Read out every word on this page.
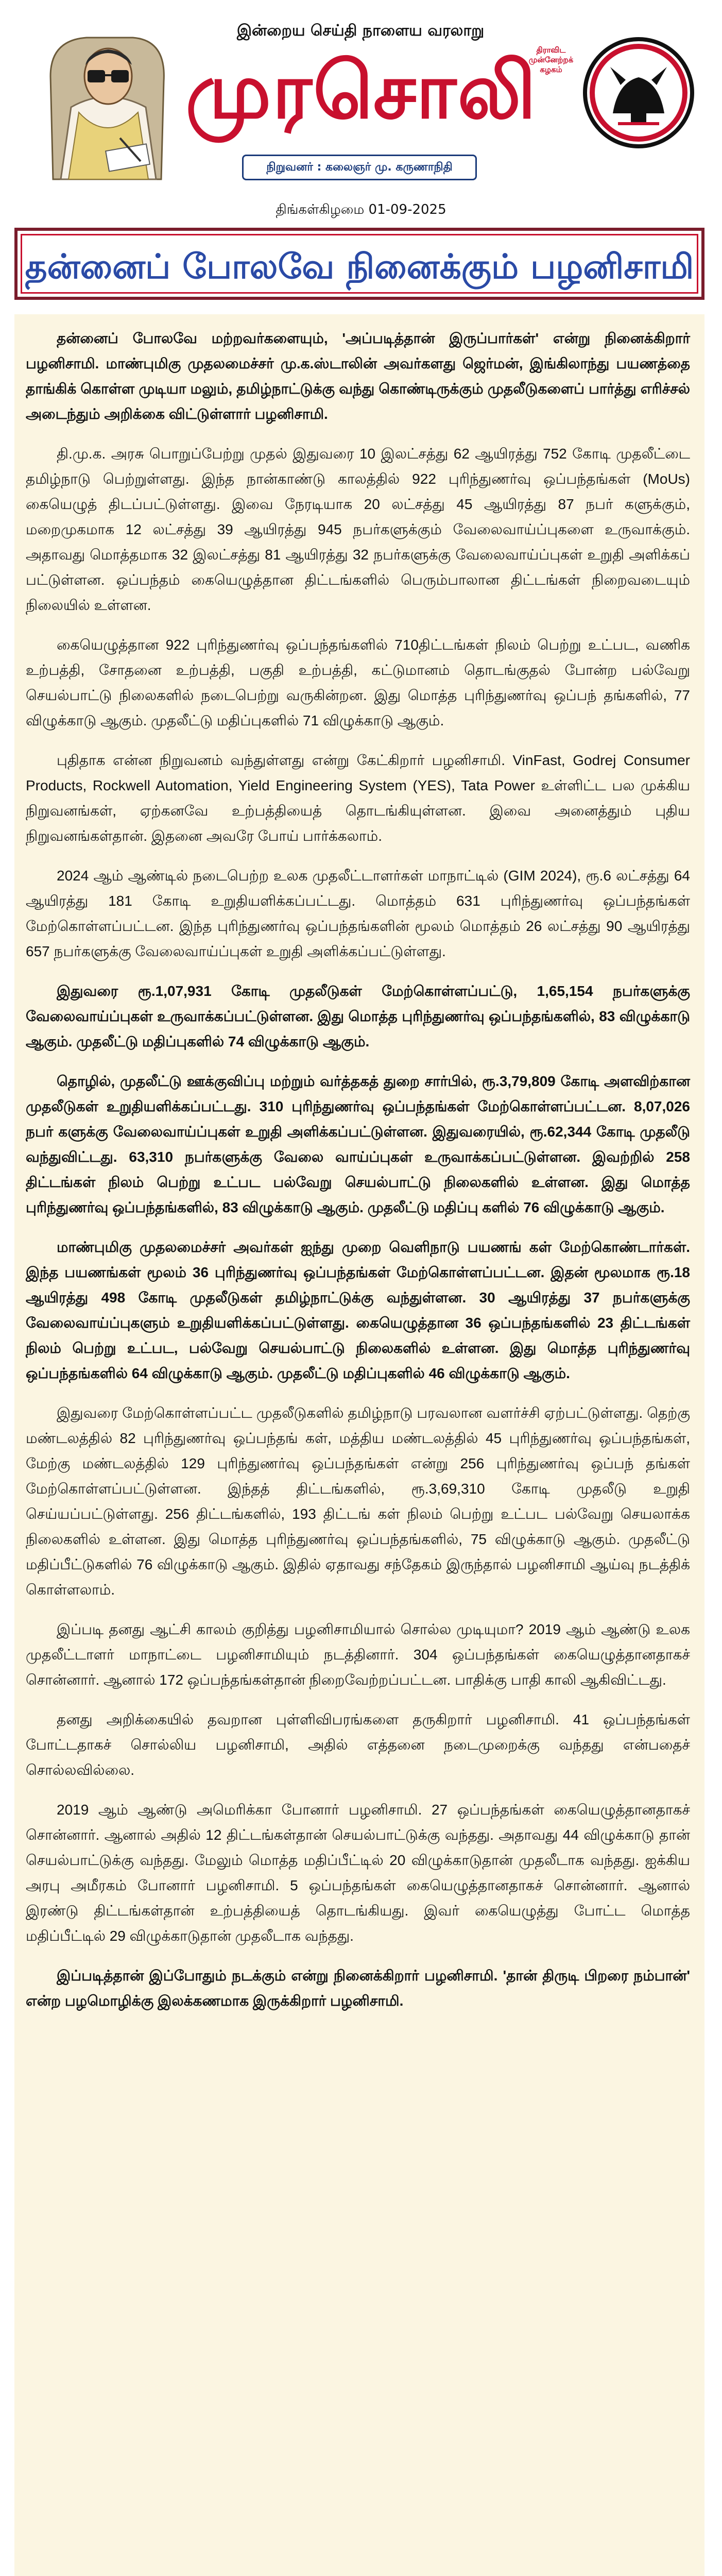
இன்றைய செய்தி நாளைய வரலாறு
முரசொலி
நிறுவனர் : கலைஞர் மு. கருணாநிதி
திராவிட முன்னேற்றக் கழகம்
திங்கள்கிழமை 01-09-2025
தன்னைப் போலவே நினைக்கும் பழனிசாமி

தன்னைப் போலவே மற்றவர்களையும், 'அப்படித்தான் இருப்பார்கள்' என்று நினைக்கிறார் பழனிசாமி. மாண்புமிகு முதலமைச்சர் மு.க.ஸ்டாலின் அவர்களது ஜெர்மன், இங்கிலாந்து பயணத்தை தாங்கிக் கொள்ள முடியா மலும், தமிழ்நாட்டுக்கு வந்து கொண்டிருக்கும் முதலீடுகளைப் பார்த்து எரிச்சல் அடைந்தும் அறிக்கை விட்டுள்ளார் பழனிசாமி.

தி.மு.க. அரசு பொறுப்பேற்று முதல் இதுவரை 10 இலட்சத்து 62 ஆயிரத்து 752 கோடி முதலீட்டை தமிழ்நாடு பெற்றுள்ளது. இந்த நான்காண்டு காலத்தில் 922 புரிந்துணர்வு ஒப்பந்தங்கள் (MoUs) கையெழுத் திடப்பட்டுள்ளது. இவை நேரடியாக 20 லட்சத்து 45 ஆயிரத்து 87 நபர் களுக்கும், மறைமுகமாக 12 லட்சத்து 39 ஆயிரத்து 945 நபர்களுக்கும் வேலைவாய்ப்புகளை உருவாக்கும். அதாவது மொத்தமாக 32 இலட்சத்து 81 ஆயிரத்து 32 நபர்களுக்கு வேலைவாய்ப்புகள் உறுதி அளிக்கப் பட்டுள்ளன. ஒப்பந்தம் கையெழுத்தான திட்டங்களில் பெரும்பாலான திட்டங்கள் நிறைவடையும் நிலையில் உள்ளன.

கையெழுத்தான 922 புரிந்துணர்வு ஒப்பந்தங்களில் 710திட்டங்கள் நிலம் பெற்று உட்பட, வணிக உற்பத்தி, சோதனை உற்பத்தி, பகுதி உற்பத்தி, கட்டுமானம் தொடங்குதல் போன்ற பல்வேறு செயல்பாட்டு நிலைகளில் நடைபெற்று வருகின்றன. இது மொத்த புரிந்துணர்வு ஒப்பந் தங்களில், 77 விழுக்காடு ஆகும். முதலீட்டு மதிப்புகளில் 71 விழுக்காடு ஆகும்.

புதிதாக என்ன நிறுவனம் வந்துள்ளது என்று கேட்கிறார் பழனிசாமி. VinFast, Godrej Consumer Products, Rockwell Automation, Yield Engineering System (YES), Tata Power உள்ளிட்ட பல முக்கிய நிறுவனங்கள், ஏற்கனவே உற்பத்தியைத் தொடங்கியுள்ளன. இவை அனைத்தும் புதிய நிறுவனங்கள்தான். இதனை அவரே போய் பார்க்கலாம்.

2024 ஆம் ஆண்டில் நடைபெற்ற உலக முதலீட்டாளர்கள் மாநாட்டில் (GIM 2024), ரூ.6 லட்சத்து 64 ஆயிரத்து 181 கோடி உறுதியளிக்கப்பட்டது. மொத்தம் 631 புரிந்துணர்வு ஒப்பந்தங்கள் மேற்கொள்ளப்பட்டன. இந்த புரிந்துணர்வு ஒப்பந்தங்களின் மூலம் மொத்தம் 26 லட்சத்து 90 ஆயிரத்து 657 நபர்களுக்கு வேலைவாய்ப்புகள் உறுதி அளிக்கப்பட்டுள்ளது.

இதுவரை ரூ.1,07,931 கோடி முதலீடுகள் மேற்கொள்ளப்பட்டு, 1,65,154 நபர்களுக்கு வேலைவாய்ப்புகள் உருவாக்கப்பட்டுள்ளன. இது மொத்த புரிந்துணர்வு ஒப்பந்தங்களில், 83 விழுக்காடு ஆகும். முதலீட்டு மதிப்புகளில் 74 விழுக்காடு ஆகும்.

தொழில், முதலீட்டு ஊக்குவிப்பு மற்றும் வர்த்தகத் துறை சார்பில், ரூ.3,79,809 கோடி அளவிற்கான முதலீடுகள் உறுதியளிக்கப்பட்டது. 310 புரிந்துணர்வு ஒப்பந்தங்கள் மேற்கொள்ளப்பட்டன. 8,07,026 நபர் களுக்கு வேலைவாய்ப்புகள் உறுதி அளிக்கப்பட்டுள்ளன. இதுவரையில், ரூ.62,344 கோடி முதலீடு வந்துவிட்டது. 63,310 நபர்களுக்கு வேலை வாய்ப்புகள் உருவாக்கப்பட்டுள்ளன. இவற்றில் 258 திட்டங்கள் நிலம் பெற்று உட்பட பல்வேறு செயல்பாட்டு நிலைகளில் உள்ளன. இது மொத்த புரிந்துணர்வு ஒப்பந்தங்களில், 83 விழுக்காடு ஆகும். முதலீட்டு மதிப்பு களில் 76 விழுக்காடு ஆகும்.

மாண்புமிகு முதலமைச்சர் அவர்கள் ஐந்து முறை வெளிநாடு பயணங் கள் மேற்கொண்டார்கள். இந்த பயணங்கள் மூலம் 36 புரிந்துணர்வு ஒப்பந்தங்கள் மேற்கொள்ளப்பட்டன. இதன் மூலமாக ரூ.18 ஆயிரத்து 498 கோடி முதலீடுகள் தமிழ்நாட்டுக்கு வந்துள்ளன. 30 ஆயிரத்து 37 நபர்களுக்கு வேலைவாய்ப்புகளும் உறுதியளிக்கப்பட்டுள்ளது. கையெழுத்தான 36 ஒப்பந்தங்களில் 23 திட்டங்கள் நிலம் பெற்று உட்பட, பல்வேறு செயல்பாட்டு நிலைகளில் உள்ளன. இது மொத்த புரிந்துணர்வு ஒப்பந்தங்களில் 64 விழுக்காடு ஆகும். முதலீட்டு மதிப்புகளில் 46 விழுக்காடு ஆகும்.

இதுவரை மேற்கொள்ளப்பட்ட முதலீடுகளில் தமிழ்நாடு பரவலான வளர்ச்சி ஏற்பட்டுள்ளது. தெற்கு மண்டலத்தில் 82 புரிந்துணர்வு ஒப்பந்தங் கள், மத்திய மண்டலத்தில் 45 புரிந்துணர்வு ஒப்பந்தங்கள், மேற்கு மண்டலத்தில் 129 புரிந்துணர்வு ஒப்பந்தங்கள் என்று 256 புரிந்துணர்வு ஒப்பந் தங்கள் மேற்கொள்ளப்பட்டுள்ளன. இந்தத் திட்டங்களில், ரூ.3,69,310 கோடி முதலீடு உறுதி செய்யப்பட்டுள்ளது. 256 திட்டங்களில், 193 திட்டங் கள் நிலம் பெற்று உட்பட பல்வேறு செயலாக்க நிலைகளில் உள்ளன. இது மொத்த புரிந்துணர்வு ஒப்பந்தங்களில், 75 விழுக்காடு ஆகும். முதலீட்டு மதிப்பீட்டுகளில் 76 விழுக்காடு ஆகும். இதில் ஏதாவது சந்தேகம் இருந்தால் பழனிசாமி ஆய்வு நடத்திக் கொள்ளலாம்.

இப்படி தனது ஆட்சி காலம் குறித்து பழனிசாமியால் சொல்ல முடியுமா? 2019 ஆம் ஆண்டு உலக முதலீட்டாளர் மாநாட்டை பழனிசாமியும் நடத்தினார். 304 ஒப்பந்தங்கள் கையெழுத்தானதாகச் சொன்னார். ஆனால் 172 ஒப்பந்தங்கள்தான் நிறைவேற்றப்பட்டன. பாதிக்கு பாதி காலி ஆகிவிட்டது.

தனது அறிக்கையில் தவறான புள்ளிவிபரங்களை தருகிறார் பழனிசாமி. 41 ஒப்பந்தங்கள் போட்டதாகச் சொல்லிய பழனிசாமி, அதில் எத்தனை நடைமுறைக்கு வந்தது என்பதைச் சொல்லவில்லை.

2019 ஆம் ஆண்டு அமெரிக்கா போனார் பழனிசாமி. 27 ஒப்பந்தங்கள் கையெழுத்தானதாகச் சொன்னார். ஆனால் அதில் 12 திட்டங்கள்தான் செயல்பாட்டுக்கு வந்தது. அதாவது 44 விழுக்காடு தான் செயல்பாட்டுக்கு வந்தது. மேலும் மொத்த மதிப்பீட்டில் 20 விழுக்காடுதான் முதலீடாக வந்தது. ஐக்கிய அரபு அமீரகம் போனார் பழனிசாமி. 5 ஒப்பந்தங்கள் கையெழுத்தானதாகச் சொன்னார். ஆனால் இரண்டு திட்டங்கள்தான் உற்பத்தியைத் தொடங்கியது. இவர் கையெழுத்து போட்ட மொத்த மதிப்பீட்டில் 29 விழுக்காடுதான் முதலீடாக வந்தது.

இப்படித்தான் இப்போதும் நடக்கும் என்று நினைக்கிறார் பழனிசாமி. 'தான் திருடி பிறரை நம்பான்' என்ற பழமொழிக்கு இலக்கணமாக இருக்கிறார் பழனிசாமி.
